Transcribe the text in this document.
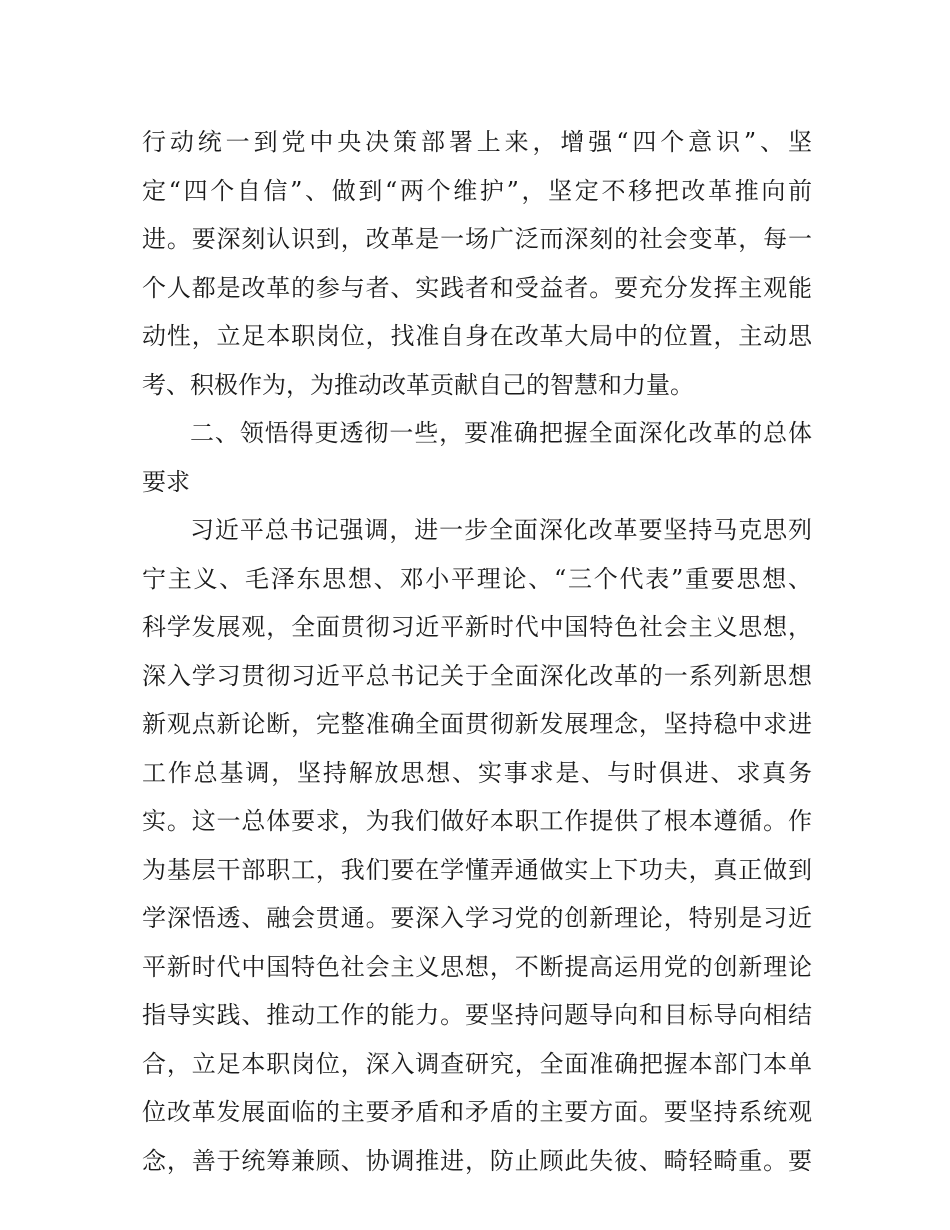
行动统一到党中央决策部署上来，增强“四个意识”、坚
定“四个自信”、做到“两个维护”，坚定不移把改革推向前
进。要深刻认识到，改革是一场广泛而深刻的社会变革，每一
个人都是改革的参与者、实践者和受益者。要充分发挥主观能
动性，立足本职岗位，找准自身在改革大局中的位置，主动思
考、积极作为，为推动改革贡献自己的智慧和力量。
二、领悟得更透彻一些，要准确把握全面深化改革的总体
要求
习近平总书记强调，进一步全面深化改革要坚持马克思列
宁主义、毛泽东思想、邓小平理论、“三个代表”重要思想、
科学发展观，全面贯彻习近平新时代中国特色社会主义思想，
深入学习贯彻习近平总书记关于全面深化改革的一系列新思想
新观点新论断，完整准确全面贯彻新发展理念，坚持稳中求进
工作总基调，坚持解放思想、实事求是、与时俱进、求真务
实。这一总体要求，为我们做好本职工作提供了根本遵循。作
为基层干部职工，我们要在学懂弄通做实上下功夫，真正做到
学深悟透、融会贯通。要深入学习党的创新理论，特别是习近
平新时代中国特色社会主义思想，不断提高运用党的创新理论
指导实践、推动工作的能力。要坚持问题导向和目标导向相结
合，立足本职岗位，深入调查研究，全面准确把握本部门本单
位改革发展面临的主要矛盾和矛盾的主要方面。要坚持系统观
念，善于统筹兼顾、协调推进，防止顾此失彼、畸轻畸重。要
